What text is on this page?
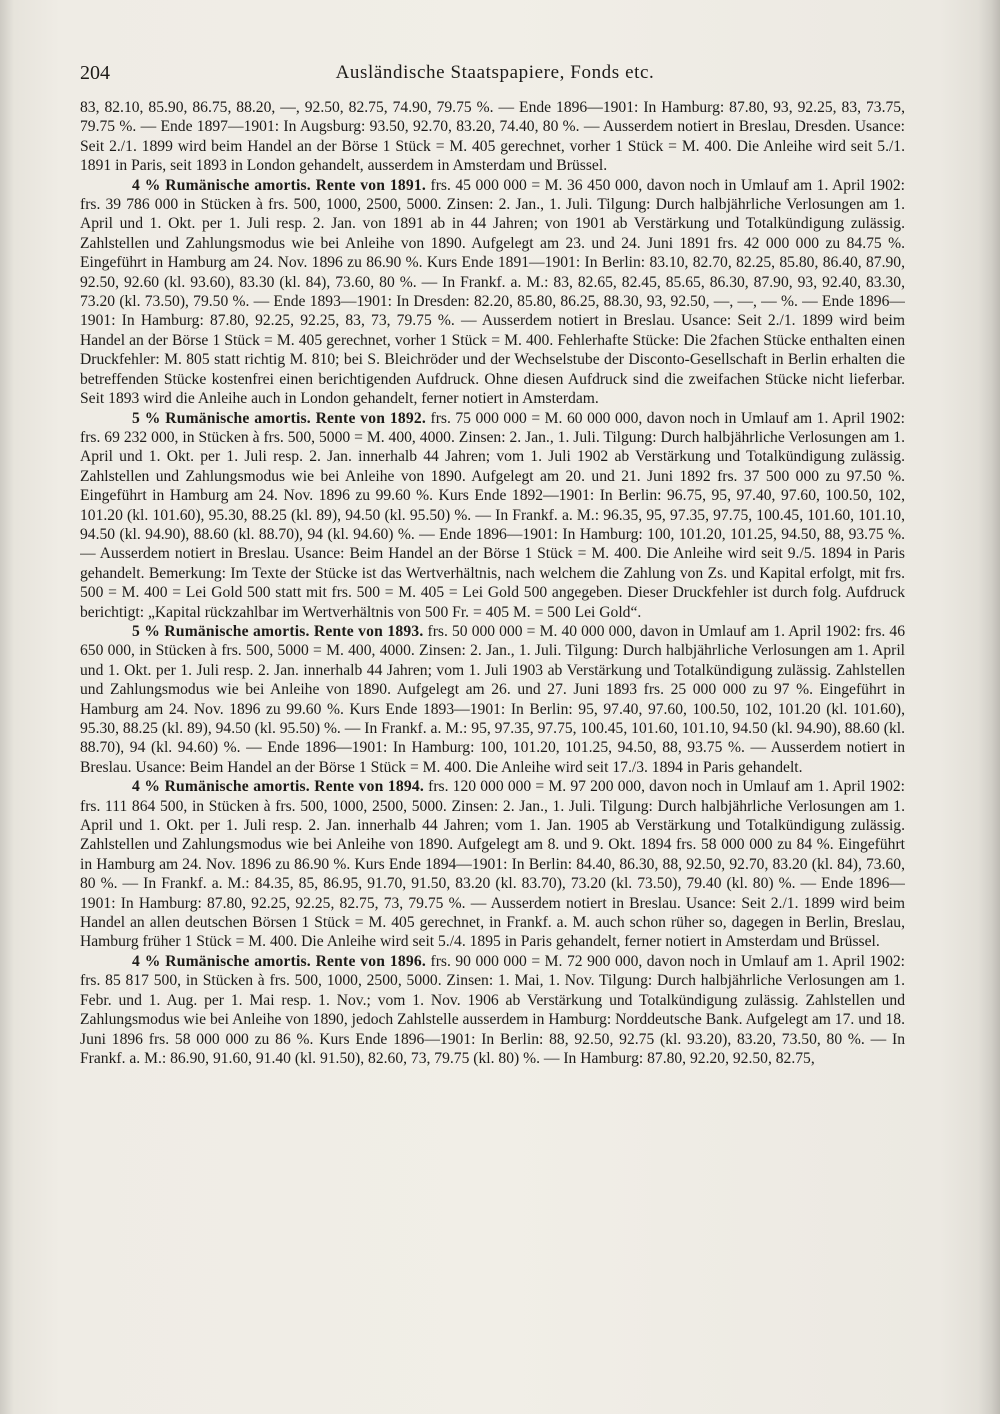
204	Ausländische Staatspapiere, Fonds etc.

83, 82.10, 85.90, 86.75, 88.20, —, 92.50, 82.75, 74.90, 79.75 %. — Ende 1896—1901: In Hamburg: 87.80, 93, 92.25, 83, 73.75, 79.75 %. — Ende 1897—1901: In Augsburg: 93.50, 92.70, 83.20, 74.40, 80 %. — Ausserdem notiert in Breslau, Dresden. Usance: Seit 2./1. 1899 wird beim Handel an der Börse 1 Stück = M. 405 gerechnet, vorher 1 Stück = M. 400. Die Anleihe wird seit 5./1. 1891 in Paris, seit 1893 in London gehandelt, ausserdem in Amsterdam und Brüssel.

4 % Rumänische amortis. Rente von 1891. frs. 45 000 000 = M. 36 450 000, davon noch in Umlauf am 1. April 1902: frs. 39 786 000 in Stücken à frs. 500, 1000, 2500, 5000. Zinsen: 2. Jan., 1. Juli. Tilgung: Durch halbjährliche Verlosungen am 1. April und 1. Okt. per 1. Juli resp. 2. Jan. von 1891 ab in 44 Jahren; von 1901 ab Verstärkung und Totalkündigung zulässig. Zahlstellen und Zahlungsmodus wie bei Anleihe von 1890. Aufgelegt am 23. und 24. Juni 1891 frs. 42 000 000 zu 84.75 %. Eingeführt in Hamburg am 24. Nov. 1896 zu 86.90 %. Kurs Ende 1891—1901: In Berlin: 83.10, 82.70, 82.25, 85.80, 86.40, 87.90, 92.50, 92.60 (kl. 93.60), 83.30 (kl. 84), 73.60, 80 %. — In Frankf. a. M.: 83, 82.65, 82.45, 85.65, 86.30, 87.90, 93, 92.40, 83.30, 73.20 (kl. 73.50), 79.50 %. — Ende 1893—1901: In Dresden: 82.20, 85.80, 86.25, 88.30, 93, 92.50, —, —, — %. — Ende 1896—1901: In Hamburg: 87.80, 92.25, 92.25, 83, 73, 79.75 %. — Ausserdem notiert in Breslau. Usance: Seit 2./1. 1899 wird beim Handel an der Börse 1 Stück = M. 405 gerechnet, vorher 1 Stück = M. 400. Fehlerhafte Stücke: Die 2fachen Stücke enthalten einen Druckfehler: M. 805 statt richtig M. 810; bei S. Bleichröder und der Wechselstube der Disconto-Gesellschaft in Berlin erhalten die betreffenden Stücke kostenfrei einen berichtigenden Aufdruck. Ohne diesen Aufdruck sind die zweifachen Stücke nicht lieferbar. Seit 1893 wird die Anleihe auch in London gehandelt, ferner notiert in Amsterdam.

5 % Rumänische amortis. Rente von 1892. frs. 75 000 000 = M. 60 000 000, davon noch in Umlauf am 1. April 1902: frs. 69 232 000, in Stücken à frs. 500, 5000 = M. 400, 4000. Zinsen: 2. Jan., 1. Juli. Tilgung: Durch halbjährliche Verlosungen am 1. April und 1. Okt. per 1. Juli resp. 2. Jan. innerhalb 44 Jahren; vom 1. Juli 1902 ab Verstärkung und Totalkündigung zulässig. Zahlstellen und Zahlungsmodus wie bei Anleihe von 1890. Aufgelegt am 20. und 21. Juni 1892 frs. 37 500 000 zu 97.50 %. Eingeführt in Hamburg am 24. Nov. 1896 zu 99.60 %. Kurs Ende 1892—1901: In Berlin: 96.75, 95, 97.40, 97.60, 100.50, 102, 101.20 (kl. 101.60), 95.30, 88.25 (kl. 89), 94.50 (kl. 95.50) %. — In Frankf. a. M.: 96.35, 95, 97.35, 97.75, 100.45, 101.60, 101.10, 94.50 (kl. 94.90), 88.60 (kl. 88.70), 94 (kl. 94.60) %. — Ende 1896—1901: In Hamburg: 100, 101.20, 101.25, 94.50, 88, 93.75 %. — Ausserdem notiert in Breslau. Usance: Beim Handel an der Börse 1 Stück = M. 400. Die Anleihe wird seit 9./5. 1894 in Paris gehandelt. Bemerkung: Im Texte der Stücke ist das Wertverhältnis, nach welchem die Zahlung von Zs. und Kapital erfolgt, mit frs. 500 = M. 400 = Lei Gold 500 statt mit frs. 500 = M. 405 = Lei Gold 500 angegeben. Dieser Druckfehler ist durch folg. Aufdruck berichtigt: „Kapital rückzahlbar im Wertverhältnis von 500 Fr. = 405 M. = 500 Lei Gold“.

5 % Rumänische amortis. Rente von 1893. frs. 50 000 000 = M. 40 000 000, davon in Umlauf am 1. April 1902: frs. 46 650 000, in Stücken à frs. 500, 5000 = M. 400, 4000. Zinsen: 2. Jan., 1. Juli. Tilgung: Durch halbjährliche Verlosungen am 1. April und 1. Okt. per 1. Juli resp. 2. Jan. innerhalb 44 Jahren; vom 1. Juli 1903 ab Verstärkung und Totalkündigung zulässig. Zahlstellen und Zahlungsmodus wie bei Anleihe von 1890. Aufgelegt am 26. und 27. Juni 1893 frs. 25 000 000 zu 97 %. Eingeführt in Hamburg am 24. Nov. 1896 zu 99.60 %. Kurs Ende 1893—1901: In Berlin: 95, 97.40, 97.60, 100.50, 102, 101.20 (kl. 101.60), 95.30, 88.25 (kl. 89), 94.50 (kl. 95.50) %. — In Frankf. a. M.: 95, 97.35, 97.75, 100.45, 101.60, 101.10, 94.50 (kl. 94.90), 88.60 (kl. 88.70), 94 (kl. 94.60) %. — Ende 1896—1901: In Hamburg: 100, 101.20, 101.25, 94.50, 88, 93.75 %. — Ausserdem notiert in Breslau. Usance: Beim Handel an der Börse 1 Stück = M. 400. Die Anleihe wird seit 17./3. 1894 in Paris gehandelt.

4 % Rumänische amortis. Rente von 1894. frs. 120 000 000 = M. 97 200 000, davon noch in Umlauf am 1. April 1902: frs. 111 864 500, in Stücken à frs. 500, 1000, 2500, 5000. Zinsen: 2. Jan., 1. Juli. Tilgung: Durch halbjährliche Verlosungen am 1. April und 1. Okt. per 1. Juli resp. 2. Jan. innerhalb 44 Jahren; vom 1. Jan. 1905 ab Verstärkung und Totalkündigung zulässig. Zahlstellen und Zahlungsmodus wie bei Anleihe von 1890. Aufgelegt am 8. und 9. Okt. 1894 frs. 58 000 000 zu 84 %. Eingeführt in Hamburg am 24. Nov. 1896 zu 86.90 %. Kurs Ende 1894—1901: In Berlin: 84.40, 86.30, 88, 92.50, 92.70, 83.20 (kl. 84), 73.60, 80 %. — In Frankf. a. M.: 84.35, 85, 86.95, 91.70, 91.50, 83.20 (kl. 83.70), 73.20 (kl. 73.50), 79.40 (kl. 80) %. — Ende 1896—1901: In Hamburg: 87.80, 92.25, 92.25, 82.75, 73, 79.75 %. — Ausserdem notiert in Breslau. Usance: Seit 2./1. 1899 wird beim Handel an allen deutschen Börsen 1 Stück = M. 405 gerechnet, in Frankf. a. M. auch schon rüher so, dagegen in Berlin, Breslau, Hamburg früher 1 Stück = M. 400. Die Anleihe wird seit 5./4. 1895 in Paris gehandelt, ferner notiert in Amsterdam und Brüssel.

4 % Rumänische amortis. Rente von 1896. frs. 90 000 000 = M. 72 900 000, davon noch in Umlauf am 1. April 1902: frs. 85 817 500, in Stücken à frs. 500, 1000, 2500, 5000. Zinsen: 1. Mai, 1. Nov. Tilgung: Durch halbjährliche Verlosungen am 1. Febr. und 1. Aug. per 1. Mai resp. 1. Nov.; vom 1. Nov. 1906 ab Verstärkung und Totalkündigung zulässig. Zahlstellen und Zahlungsmodus wie bei Anleihe von 1890, jedoch Zahlstelle ausserdem in Hamburg: Norddeutsche Bank. Aufgelegt am 17. und 18. Juni 1896 frs. 58 000 000 zu 86 %. Kurs Ende 1896—1901: In Berlin: 88, 92.50, 92.75 (kl. 93.20), 83.20, 73.50, 80 %. — In Frankf. a. M.: 86.90, 91.60, 91.40 (kl. 91.50), 82.60, 73, 79.75 (kl. 80) %. — In Hamburg: 87.80, 92.20, 92.50, 82.75,
